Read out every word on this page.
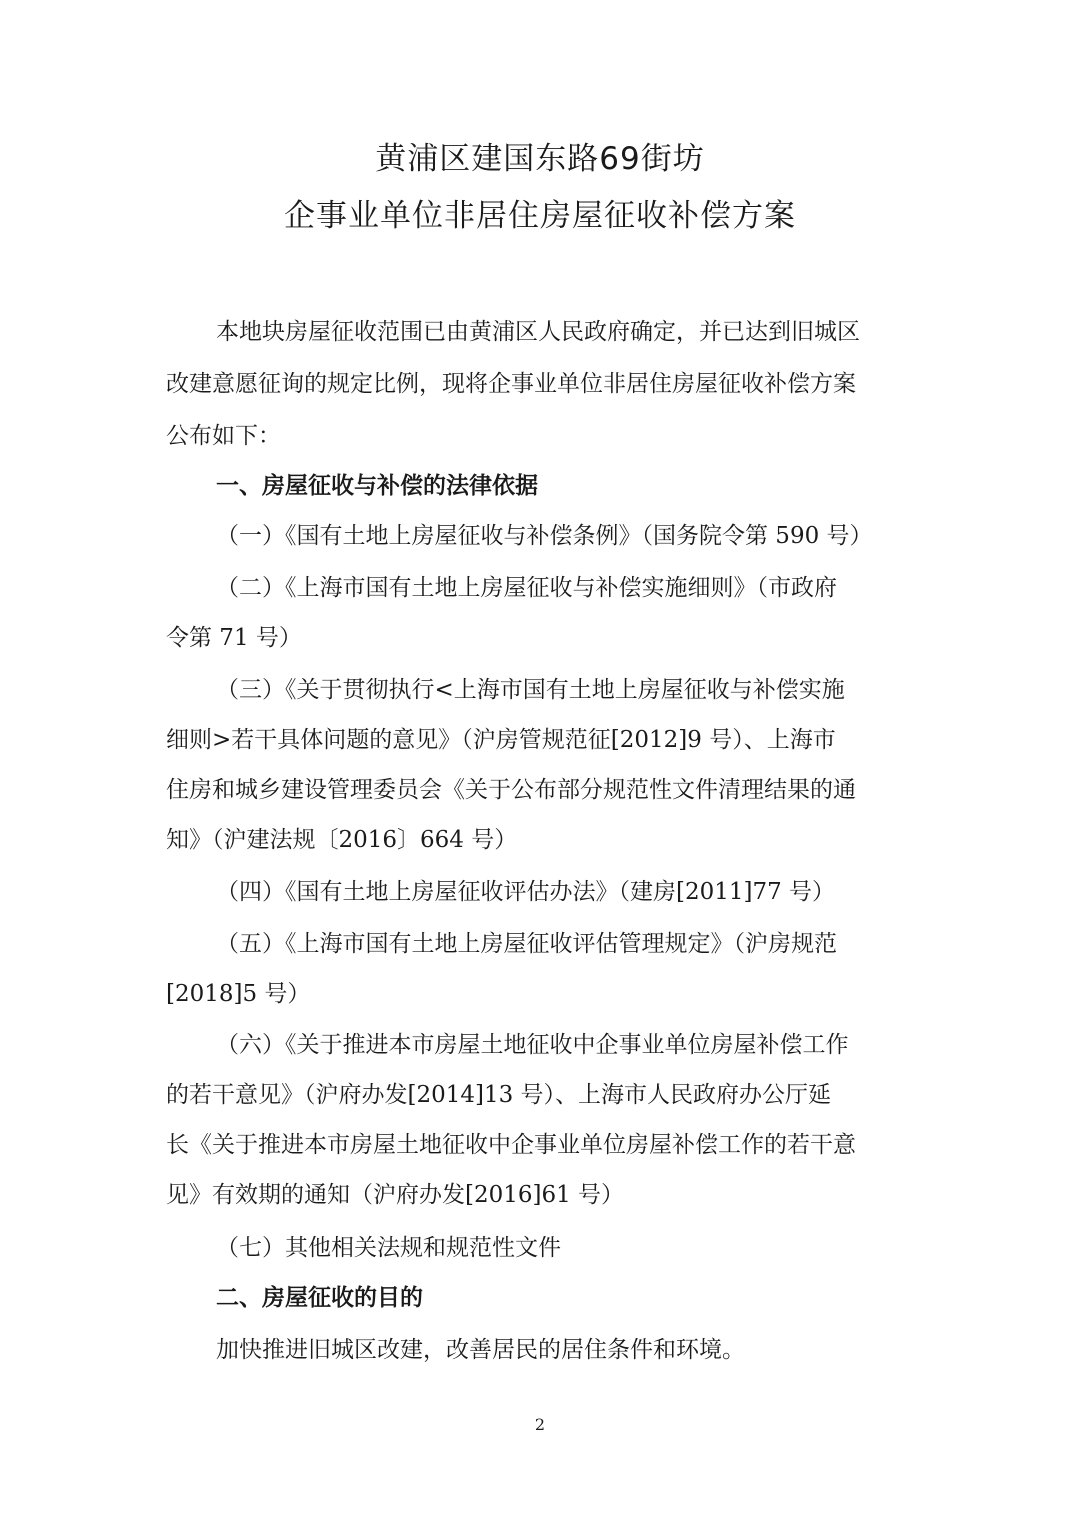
黄浦区建国东路69街坊
企事业单位非居住房屋征收补偿方案
本地块房屋征收范围已由黄浦区人民政府确定，并已达到旧城区
改建意愿征询的规定比例，现将企事业单位非居住房屋征收补偿方案
公布如下：
一、房屋征收与补偿的法律依据
（一）《国有土地上房屋征收与补偿条例》（国务院令第 590 号）
（二）《上海市国有土地上房屋征收与补偿实施细则》（市政府
令第 71 号）
（三）《关于贯彻执行<上海市国有土地上房屋征收与补偿实施
细则>若干具体问题的意见》（沪房管规范征[2012]9 号）、上海市
住房和城乡建设管理委员会《关于公布部分规范性文件清理结果的通
知》（沪建法规〔2016〕664 号）
（四）《国有土地上房屋征收评估办法》（建房[2011]77 号）
（五）《上海市国有土地上房屋征收评估管理规定》（沪房规范
[2018]5 号）
（六）《关于推进本市房屋土地征收中企事业单位房屋补偿工作
的若干意见》（沪府办发[2014]13 号）、上海市人民政府办公厅延
长《关于推进本市房屋土地征收中企事业单位房屋补偿工作的若干意
见》有效期的通知（沪府办发[2016]61 号）
（七）其他相关法规和规范性文件
二、房屋征收的目的
加快推进旧城区改建，改善居民的居住条件和环境。
2
